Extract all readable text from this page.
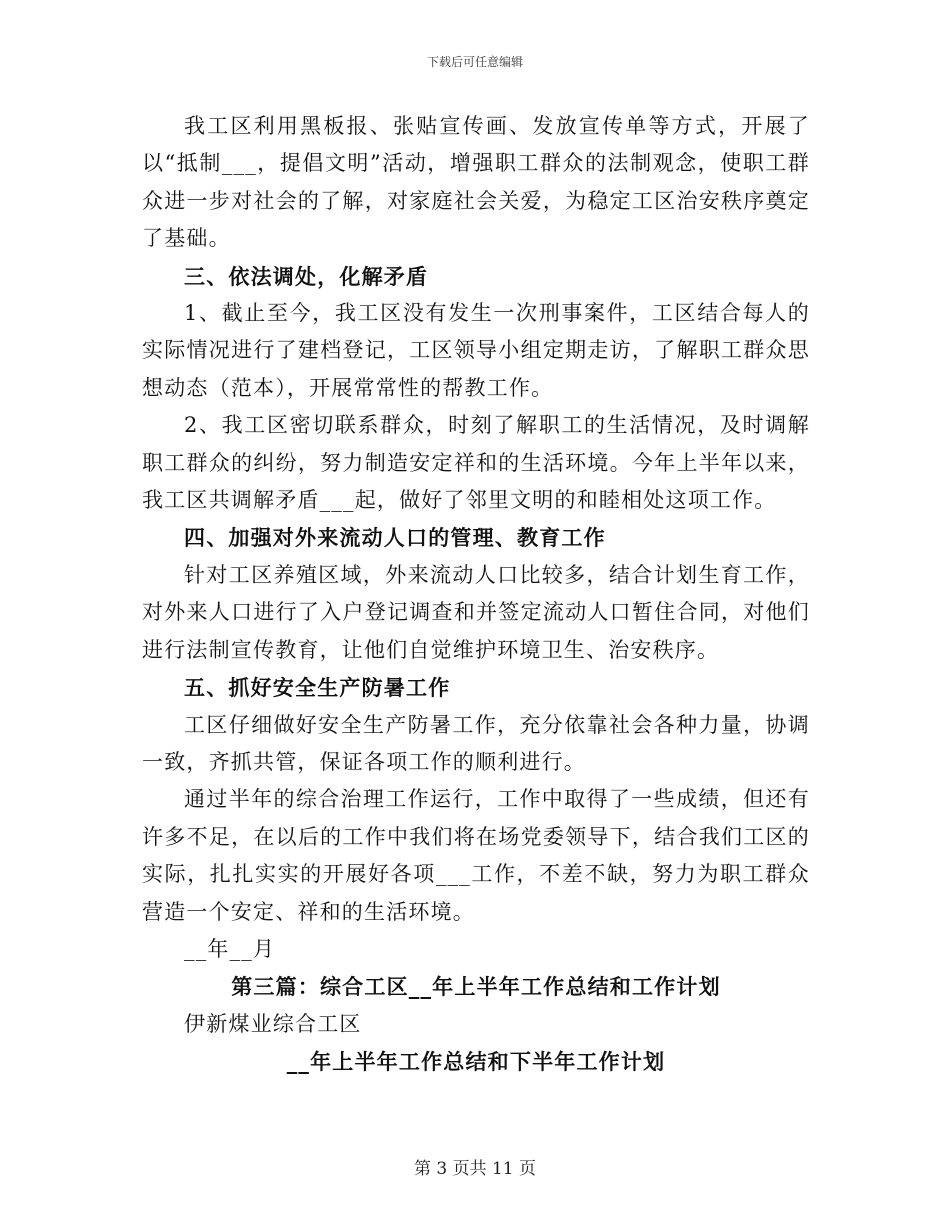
下载后可任意编辑

我工区利用黑板报、张贴宣传画、发放宣传单等方式，开展了以“抵制___，提倡文明”活动，增强职工群众的法制观念，使职工群众进一步对社会的了解，对家庭社会关爱，为稳定工区治安秩序奠定了基础。

三、依法调处，化解矛盾

1、截止至今，我工区没有发生一次刑事案件，工区结合每人的实际情况进行了建档登记，工区领导小组定期走访，了解职工群众思想动态（范本），开展常常性的帮教工作。

2、我工区密切联系群众，时刻了解职工的生活情况，及时调解职工群众的纠纷，努力制造安定祥和的生活环境。今年上半年以来，我工区共调解矛盾___起，做好了邻里文明的和睦相处这项工作。

四、加强对外来流动人口的管理、教育工作

针对工区养殖区域，外来流动人口比较多，结合计划生育工作，对外来人口进行了入户登记调查和并签定流动人口暂住合同，对他们进行法制宣传教育，让他们自觉维护环境卫生、治安秩序。

五、抓好安全生产防暑工作

工区仔细做好安全生产防暑工作，充分依靠社会各种力量，协调一致，齐抓共管，保证各项工作的顺利进行。

通过半年的综合治理工作运行，工作中取得了一些成绩，但还有许多不足，在以后的工作中我们将在场党委领导下，结合我们工区的实际，扎扎实实的开展好各项___工作，不差不缺，努力为职工群众营造一个安定、祥和的生活环境。

__年__月

第三篇：综合工区__年上半年工作总结和工作计划

伊新煤业综合工区

__年上半年工作总结和下半年工作计划

第 3 页共 11 页
